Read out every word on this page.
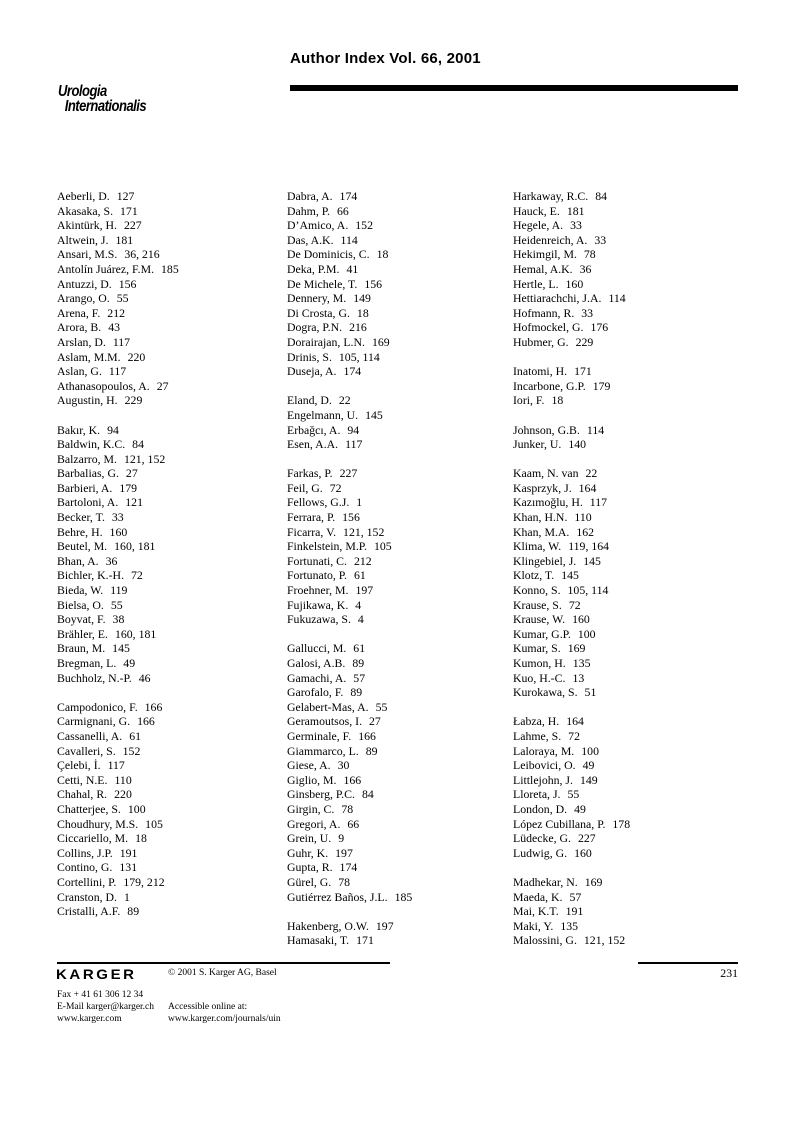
Author Index Vol. 66, 2001
Urologia
Internationalis
Aeberli, D. 127
Akasaka, S. 171
Akintürk, H. 227
Altwein, J. 181
Ansari, M.S. 36, 216
Antolín Juárez, F.M. 185
Antuzzi, D. 156
Arango, O. 55
Arena, F. 212
Arora, B. 43
Arslan, D. 117
Aslam, M.M. 220
Aslan, G. 117
Athanasopoulos, A. 27
Augustin, H. 229
Bakır, K. 94
Baldwin, K.C. 84
Balzarro, M. 121, 152
Barbalias, G. 27
Barbieri, A. 179
Bartoloni, A. 121
Becker, T. 33
Behre, H. 160
Beutel, M. 160, 181
Bhan, A. 36
Bichler, K.-H. 72
Bieda, W. 119
Bielsa, O. 55
Boyvat, F. 38
Brähler, E. 160, 181
Braun, M. 145
Bregman, L. 49
Buchholz, N.-P. 46
Campodonico, F. 166
Carmignani, G. 166
Cassanelli, A. 61
Cavalleri, S. 152
Çelebi, İ. 117
Cetti, N.E. 110
Chahal, R. 220
Chatterjee, S. 100
Choudhury, M.S. 105
Ciccariello, M. 18
Collins, J.P. 191
Contino, G. 131
Cortellini, P. 179, 212
Cranston, D. 1
Cristalli, A.F. 89
Dabra, A. 174
Dahm, P. 66
D’Amico, A. 152
Das, A.K. 114
De Dominicis, C. 18
Deka, P.M. 41
De Michele, T. 156
Dennery, M. 149
Di Crosta, G. 18
Dogra, P.N. 216
Dorairajan, L.N. 169
Drinis, S. 105, 114
Duseja, A. 174
Eland, D. 22
Engelmann, U. 145
Erbağcı, A. 94
Esen, A.A. 117
Farkas, P. 227
Feil, G. 72
Fellows, G.J. 1
Ferrara, P. 156
Ficarra, V. 121, 152
Finkelstein, M.P. 105
Fortunati, C. 212
Fortunato, P. 61
Froehner, M. 197
Fujikawa, K. 4
Fukuzawa, S. 4
Gallucci, M. 61
Galosi, A.B. 89
Gamachi, A. 57
Garofalo, F. 89
Gelabert-Mas, A. 55
Geramoutsos, I. 27
Germinale, F. 166
Giammarco, L. 89
Giese, A. 30
Giglio, M. 166
Ginsberg, P.C. 84
Girgin, C. 78
Gregori, A. 66
Grein, U. 9
Guhr, K. 197
Gupta, R. 174
Gürel, G. 78
Gutiérrez Baños, J.L. 185
Hakenberg, O.W. 197
Hamasaki, T. 171
Harkaway, R.C. 84
Hauck, E. 181
Hegele, A. 33
Heidenreich, A. 33
Hekimgil, M. 78
Hemal, A.K. 36
Hertle, L. 160
Hettiarachchi, J.A. 114
Hofmann, R. 33
Hofmockel, G. 176
Hubmer, G. 229
Inatomi, H. 171
Incarbone, G.P. 179
Iori, F. 18
Johnson, G.B. 114
Junker, U. 140
Kaam, N. van 22
Kasprzyk, J. 164
Kazımoğlu, H. 117
Khan, H.N. 110
Khan, M.A. 162
Klima, W. 119, 164
Klingebiel, J. 145
Klotz, T. 145
Konno, S. 105, 114
Krause, S. 72
Krause, W. 160
Kumar, G.P. 100
Kumar, S. 169
Kumon, H. 135
Kuo, H.-C. 13
Kurokawa, S. 51
Łabza, H. 164
Lahme, S. 72
Laloraya, M. 100
Leibovici, O. 49
Littlejohn, J. 149
Lloreta, J. 55
London, D. 49
López Cubillana, P. 178
Lüdecke, G. 227
Ludwig, G. 160
Madhekar, N. 169
Maeda, K. 57
Mai, K.T. 191
Maki, Y. 135
Malossini, G. 121, 152
KARGER	© 2001 S. Karger AG, Basel
Fax + 41 61 306 12 34
E-Mail karger@karger.ch
www.karger.com
Accessible online at:
www.karger.com/journals/uin
231
